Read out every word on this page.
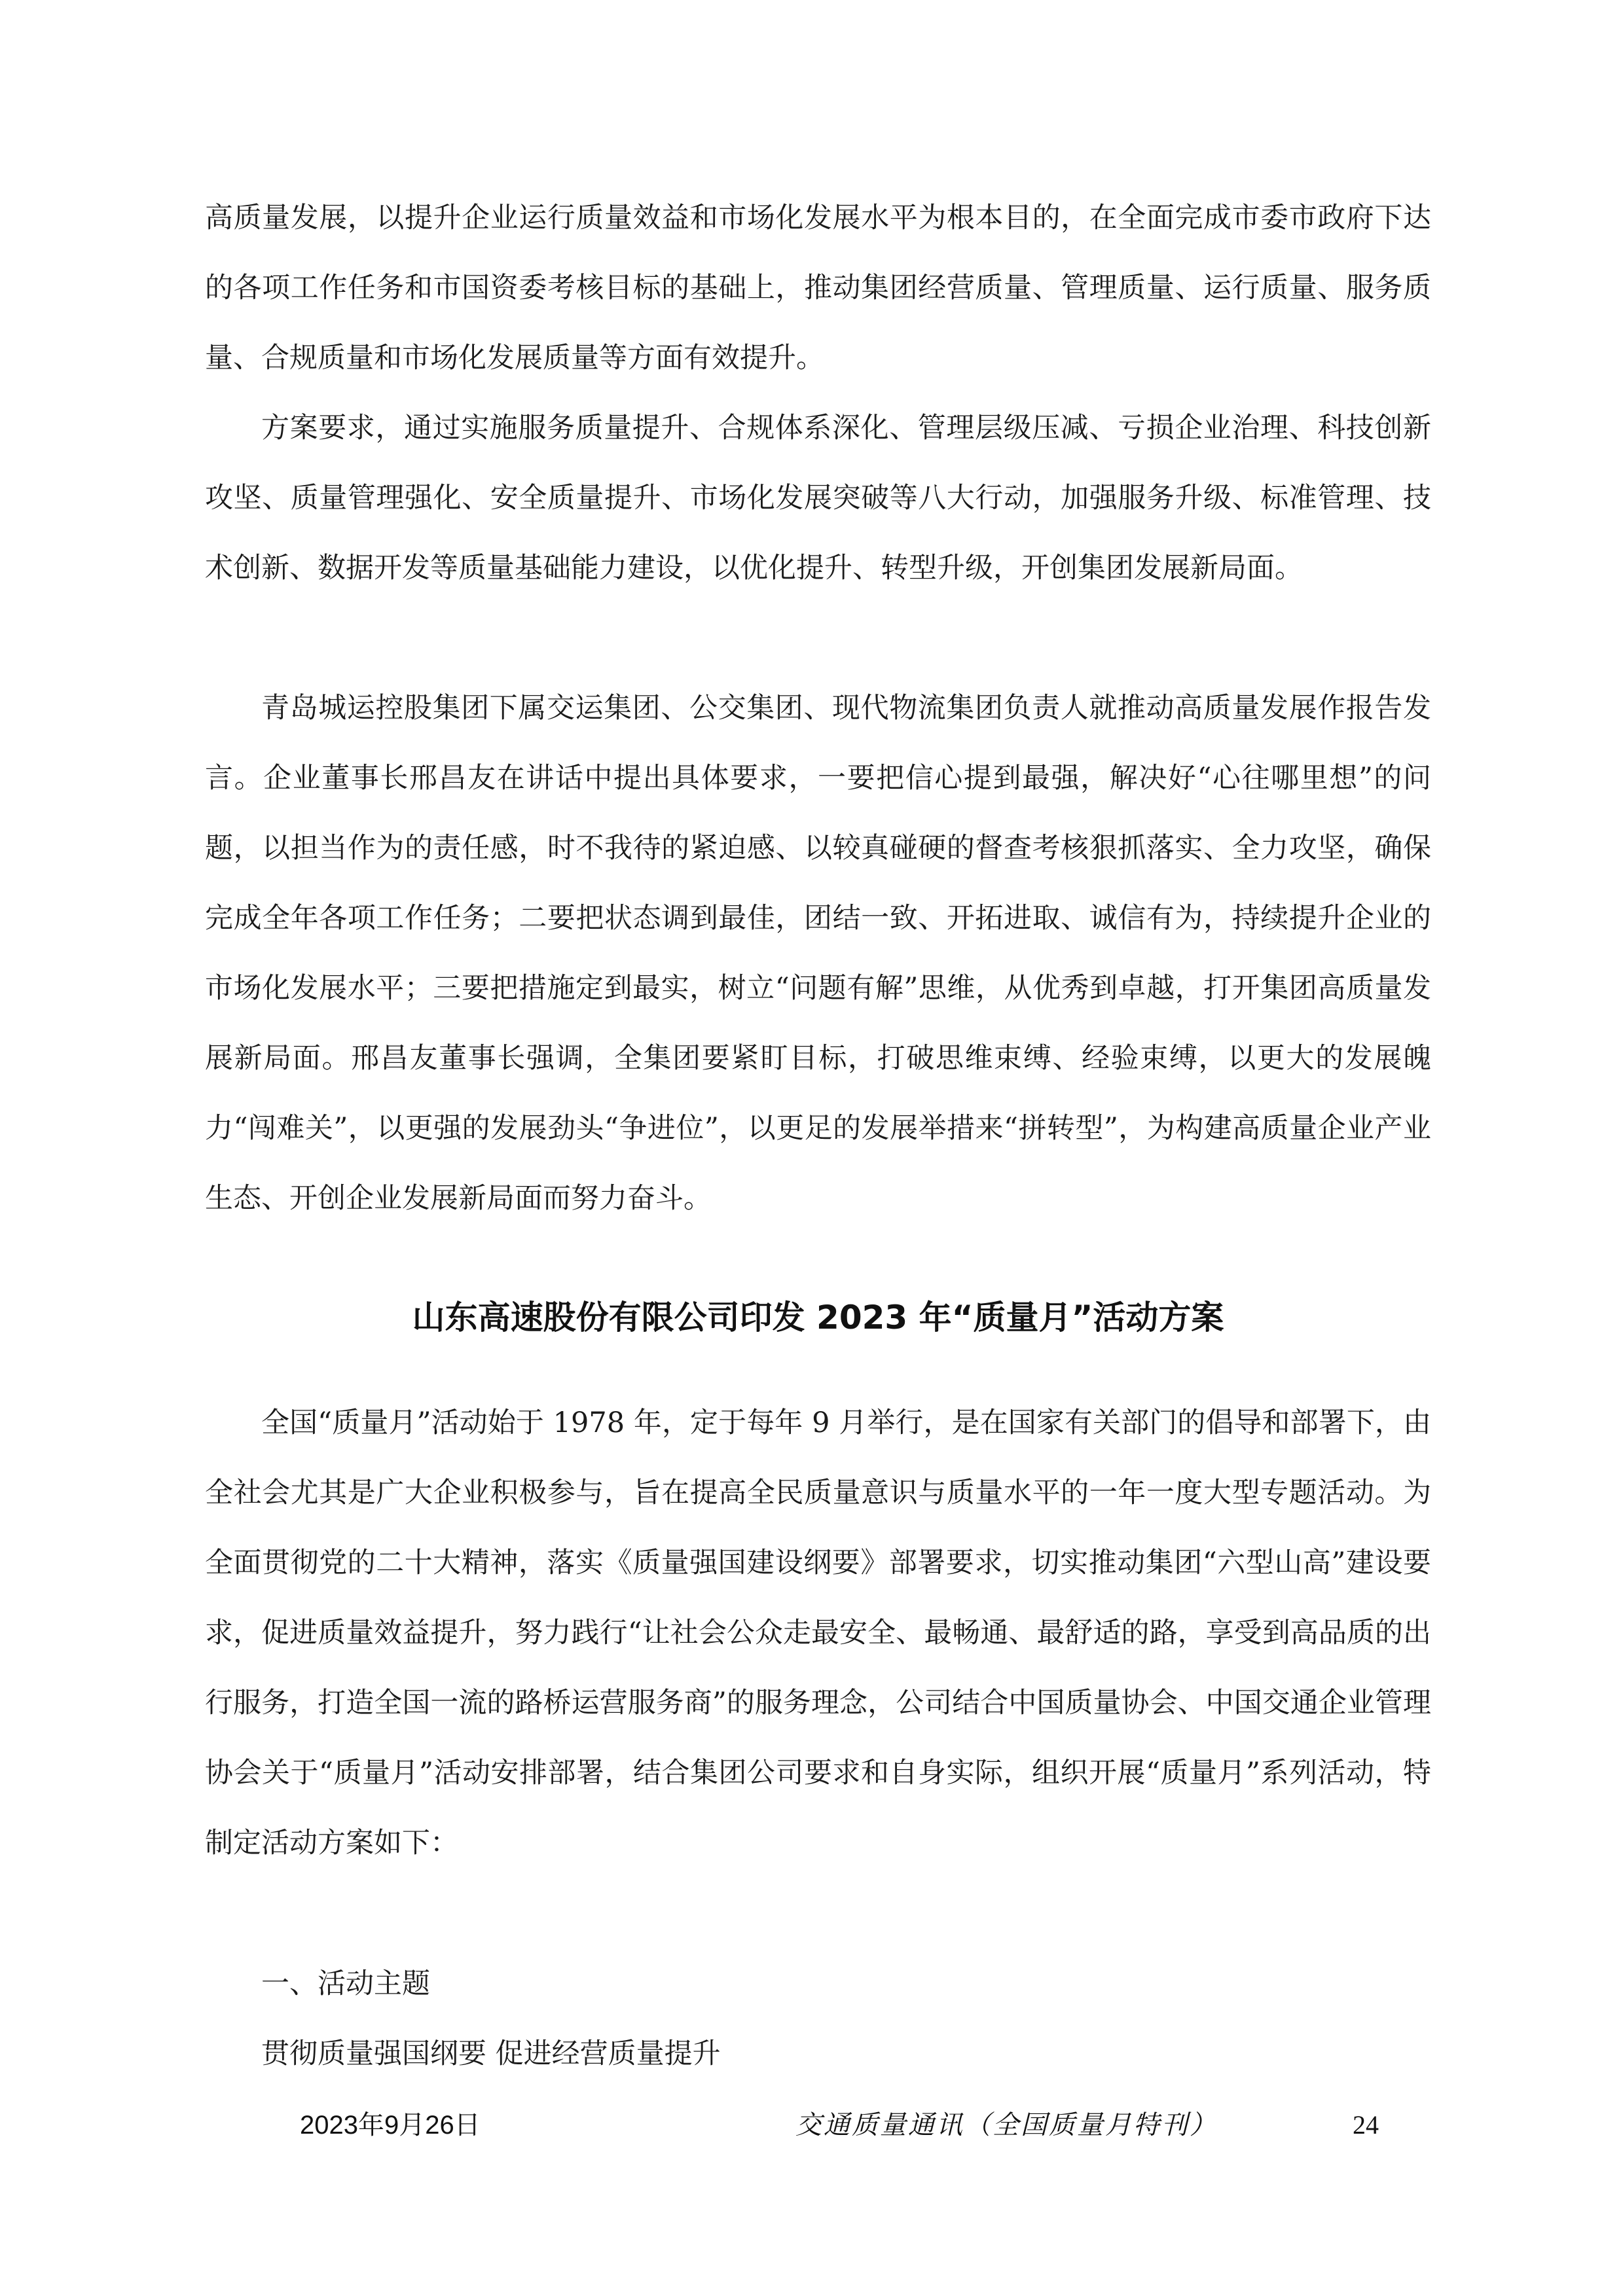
高质量发展，以提升企业运行质量效益和市场化发展水平为根本目的，在全面完成市委市政府下达的各项工作任务和市国资委考核目标的基础上，推动集团经营质量、管理质量、运行质量、服务质量、合规质量和市场化发展质量等方面有效提升。

方案要求，通过实施服务质量提升、合规体系深化、管理层级压减、亏损企业治理、科技创新攻坚、质量管理强化、安全质量提升、市场化发展突破等八大行动，加强服务升级、标准管理、技术创新、数据开发等质量基础能力建设，以优化提升、转型升级，开创集团发展新局面。

青岛城运控股集团下属交运集团、公交集团、现代物流集团负责人就推动高质量发展作报告发言。企业董事长邢昌友在讲话中提出具体要求，一要把信心提到最强，解决好“心往哪里想”的问题，以担当作为的责任感，时不我待的紧迫感、以较真碰硬的督查考核狠抓落实、全力攻坚，确保完成全年各项工作任务；二要把状态调到最佳，团结一致、开拓进取、诚信有为，持续提升企业的市场化发展水平；三要把措施定到最实，树立“问题有解”思维，从优秀到卓越，打开集团高质量发展新局面。邢昌友董事长强调，全集团要紧盯目标，打破思维束缚、经验束缚，以更大的发展魄力“闯难关”，以更强的发展劲头“争进位”，以更足的发展举措来“拼转型”，为构建高质量企业产业生态、开创企业发展新局面而努力奋斗。

山东高速股份有限公司印发 2023 年“质量月”活动方案

全国“质量月”活动始于 1978 年，定于每年 9 月举行，是在国家有关部门的倡导和部署下，由全社会尤其是广大企业积极参与，旨在提高全民质量意识与质量水平的一年一度大型专题活动。为全面贯彻党的二十大精神，落实《质量强国建设纲要》部署要求，切实推动集团“六型山高”建设要求，促进质量效益提升，努力践行“让社会公众走最安全、最畅通、最舒适的路，享受到高品质的出行服务，打造全国一流的路桥运营服务商”的服务理念，公司结合中国质量协会、中国交通企业管理协会关于“质量月”活动安排部署，结合集团公司要求和自身实际，组织开展“质量月”系列活动，特制定活动方案如下：

一、活动主题

贯彻质量强国纲要 促进经营质量提升

2023年9月26日	交通质量通讯（全国质量月特刊）	24
